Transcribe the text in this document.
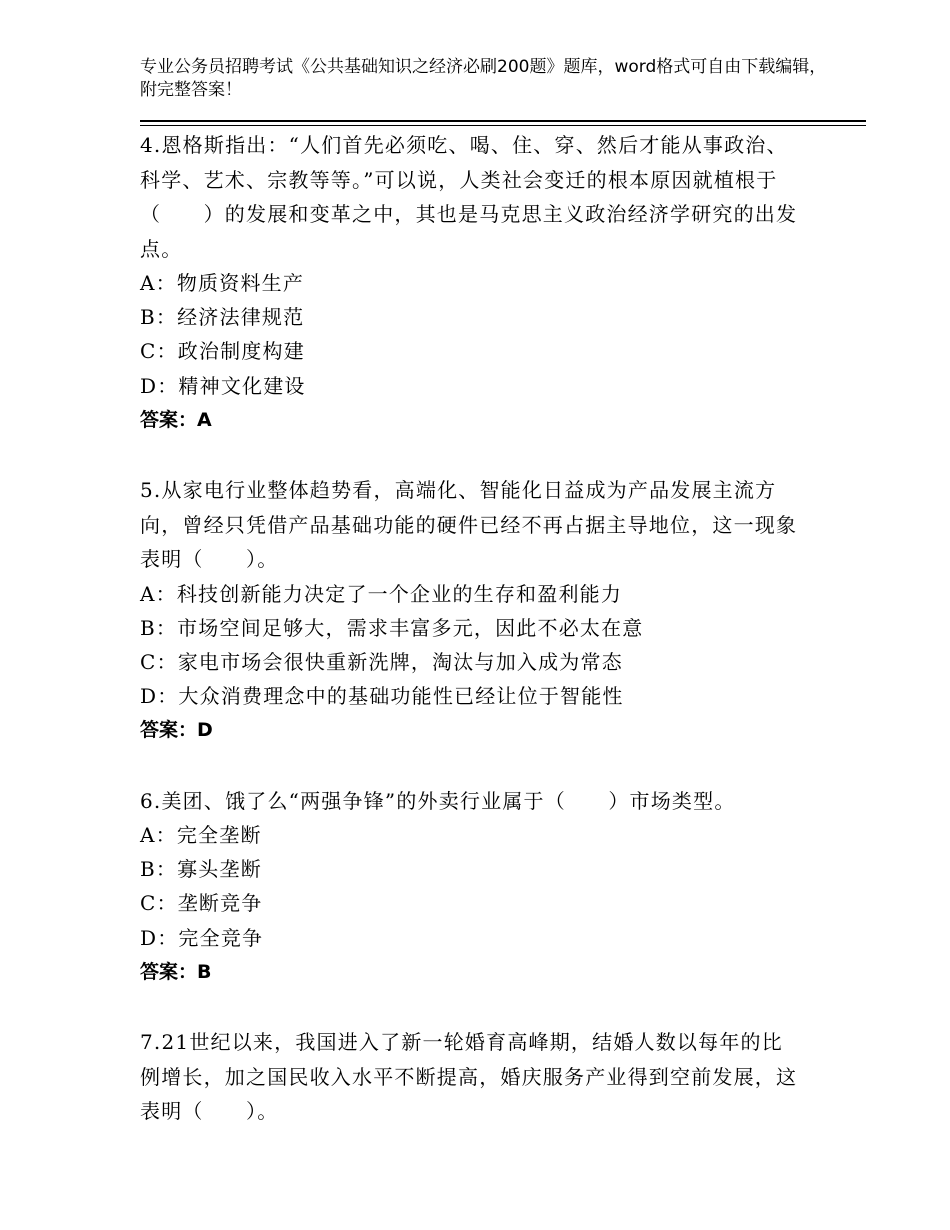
专业公务员招聘考试《公共基础知识之经济必刷200题》题库，word格式可自由下载编辑，附完整答案！

4.恩格斯指出：“人们首先必须吃、喝、住、穿、然后才能从事政治、科学、艺术、宗教等等。”可以说，人类社会变迁的根本原因就植根于（　　）的发展和变革之中，其也是马克思主义政治经济学研究的出发点。

A：物质资料生产

B：经济法律规范

C：政治制度构建

D：精神文化建设

答案：A

5.从家电行业整体趋势看，高端化、智能化日益成为产品发展主流方向，曾经只凭借产品基础功能的硬件已经不再占据主导地位，这一现象表明（　　）。

A：科技创新能力决定了一个企业的生存和盈利能力

B：市场空间足够大，需求丰富多元，因此不必太在意

C：家电市场会很快重新洗牌，淘汰与加入成为常态

D：大众消费理念中的基础功能性已经让位于智能性

答案：D

6.美团、饿了么“两强争锋”的外卖行业属于（　　）市场类型。

A：完全垄断

B：寡头垄断

C：垄断竞争

D：完全竞争

答案：B

7.21世纪以来，我国进入了新一轮婚育高峰期，结婚人数以每年的比例增长，加之国民收入水平不断提高，婚庆服务产业得到空前发展，这表明（　　）。
